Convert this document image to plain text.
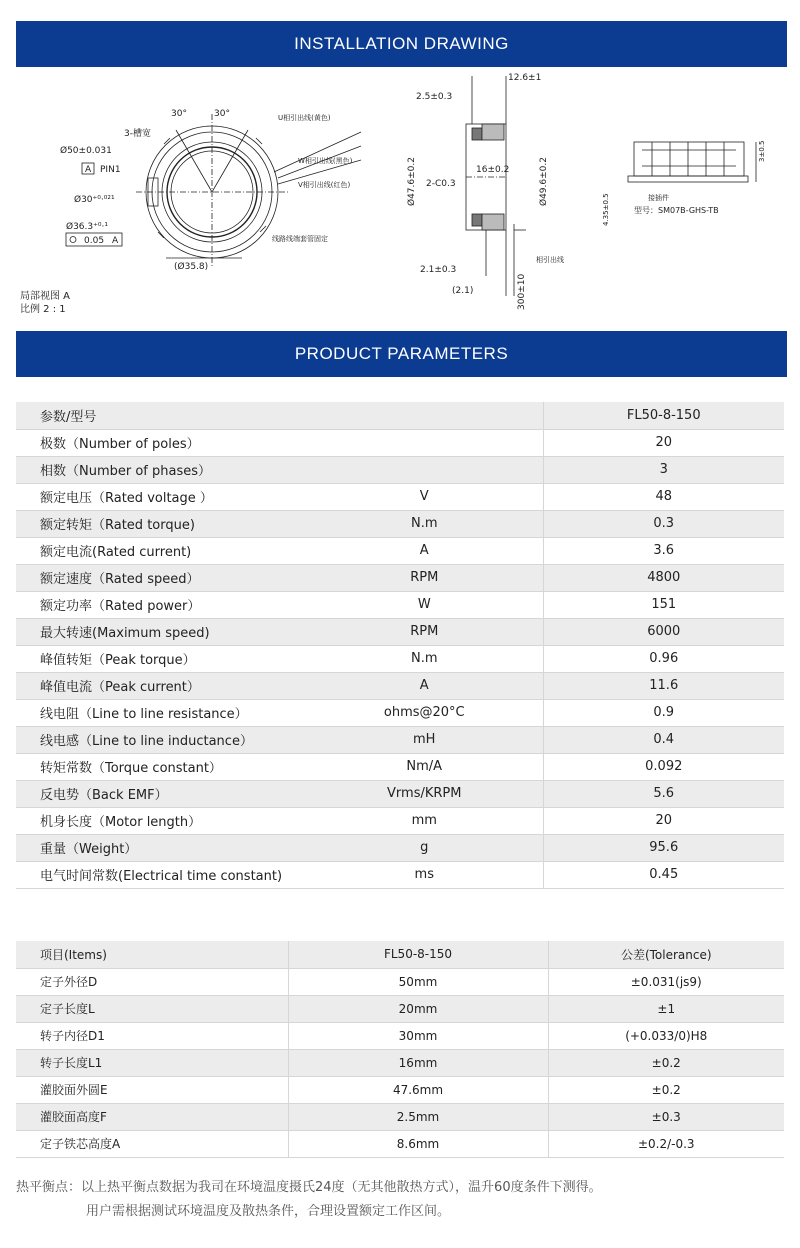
INSTALLATION DRAWING
30°	30°
3-槽宽
Ø50±0.031
A PIN1
Ø30⁺⁰·⁰²¹
Ø36.3⁺⁰·¹
0.05 A
(Ø35.8)
U相引出线(黄色)
W相引出线(黑色)
V相引出线(红色)
线路线端套管固定
12.6±1
2.5±0.3
Ø47.6±0.2 2-C0.3
16±0.2	Ø49.6±0.2
2.1±0.3
(2.1)	300±10
相引出线
3±0.5
4.35±0.5	接插件
型号：SM07B-GHS-TB
局部视图 A
比例 2 : 1
PRODUCT PARAMETERS
参数/型号		FL50-8-150
极数（Number of poles）		20
相数（Number of phases）		3
额定电压（Rated voltage ）	V	48
额定转矩（Rated torque)	N.m	0.3
额定电流(Rated current)	A	3.6
额定速度（Rated speed）	RPM	4800
额定功率（Rated power）	W	151
最大转速(Maximum speed)	RPM	6000
峰值转矩（Peak torque）	N.m	0.96
峰值电流（Peak current）	A	11.6
线电阻（Line to line resistance）	ohms@20°C	0.9
线电感（Line to line inductance）	mH	0.4
转矩常数（Torque constant）	Nm/A	0.092
反电势（Back EMF）	Vrms/KRPM	5.6
机身长度（Motor length）	mm	20
重量（Weight）	g	95.6
电气时间常数(Electrical time constant)	ms	0.45
项目(Items)	FL50-8-150	公差(Tolerance)
定子外径D	50mm	±0.031(js9)
定子长度L	20mm	±1
转子内径D1	30mm	(+0.033/0)H8
转子长度L1	16mm	±0.2
灌胶面外圆E	47.6mm	±0.2
灌胶面高度F	2.5mm	±0.3
定子铁芯高度A	8.6mm	±0.2/-0.3
热平衡点：以上热平衡点数据为我司在环境温度摄氏24度（无其他散热方式），温升60度条件下测得。
用户需根据测试环境温度及散热条件，合理设置额定工作区间。
